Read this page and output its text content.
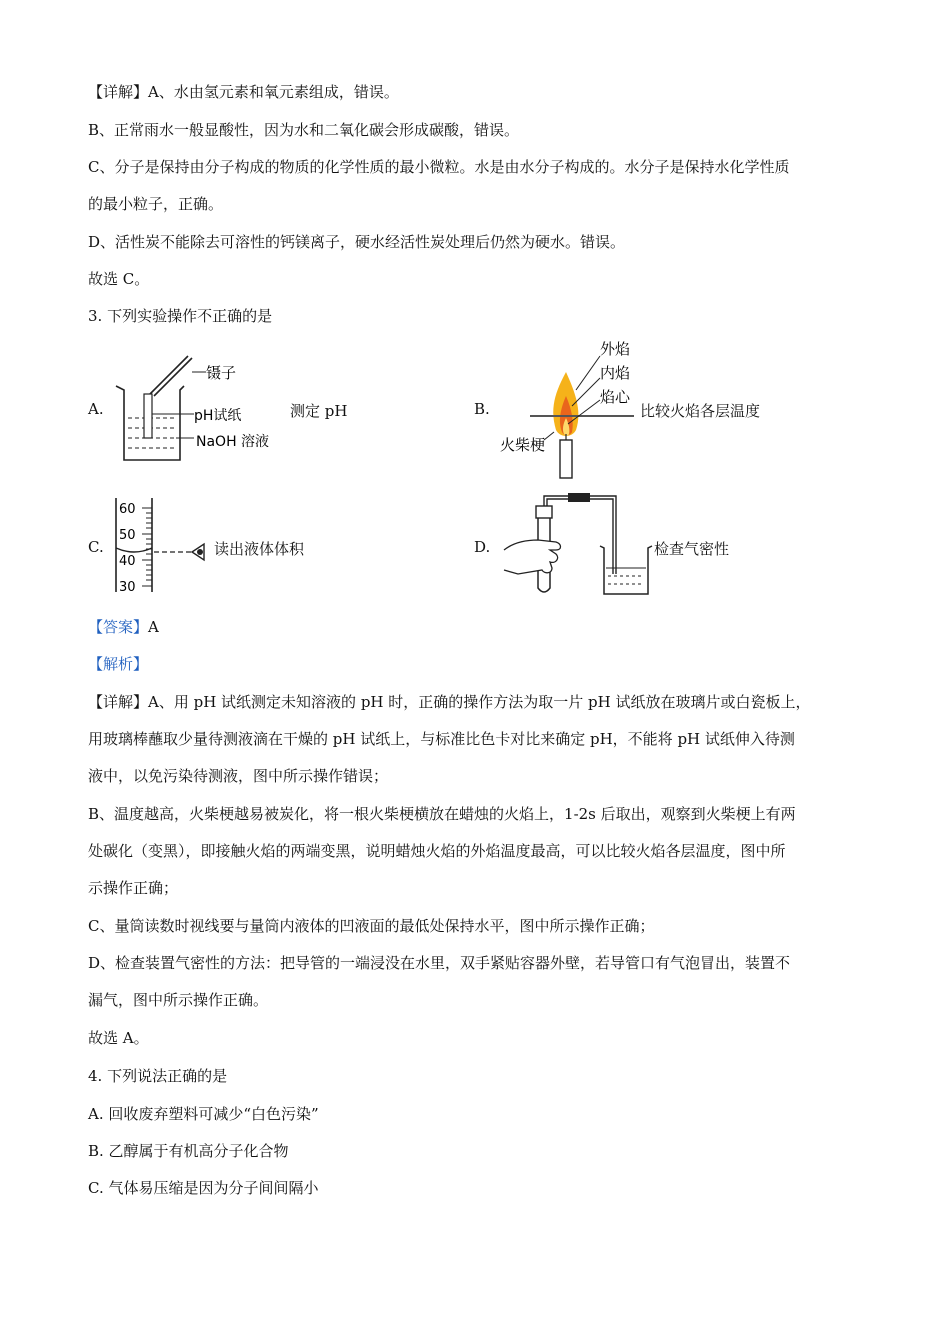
【详解】A、水由氢元素和氧元素组成，错误。
B、正常雨水一般显酸性，因为水和二氧化碳会形成碳酸，错误。
C、分子是保持由分子构成的物质的化学性质的最小微粒。水是由水分子构成的。水分子是保持水化学性质
的最小粒子，正确。
D、活性炭不能除去可溶性的钙镁离子，硬水经活性炭处理后仍然为硬水。错误。
故选 C。
3. 下列实验操作不正确的是
A.
镊子
pH试纸
NaOH 溶液
测定 pH	B.
外焰
内焰
焰心
火柴梗
比较火焰各层温度
C.
60
50
40
30
读出液体体积	D.	检查气密性
【答案】A
【解析】
【详解】A、用 pH 试纸测定未知溶液的 pH 时，正确的操作方法为取一片 pH 试纸放在玻璃片或白瓷板上，
用玻璃棒蘸取少量待测液滴在干燥的 pH 试纸上，与标准比色卡对比来确定 pH，不能将 pH 试纸伸入待测
液中，以免污染待测液，图中所示操作错误；
B、温度越高，火柴梗越易被炭化，将一根火柴梗横放在蜡烛的火焰上，1-2s 后取出，观察到火柴梗上有两
处碳化（变黑），即接触火焰的两端变黑，说明蜡烛火焰的外焰温度最高，可以比较火焰各层温度，图中所
示操作正确；
C、量筒读数时视线要与量筒内液体的凹液面的最低处保持水平，图中所示操作正确；
D、检查装置气密性的方法：把导管的一端浸没在水里，双手紧贴容器外壁，若导管口有气泡冒出，装置不
漏气，图中所示操作正确。
故选 A。
4. 下列说法正确的是
A. 回收废弃塑料可减少“白色污染”
B. 乙醇属于有机高分子化合物
C. 气体易压缩是因为分子间间隔小
